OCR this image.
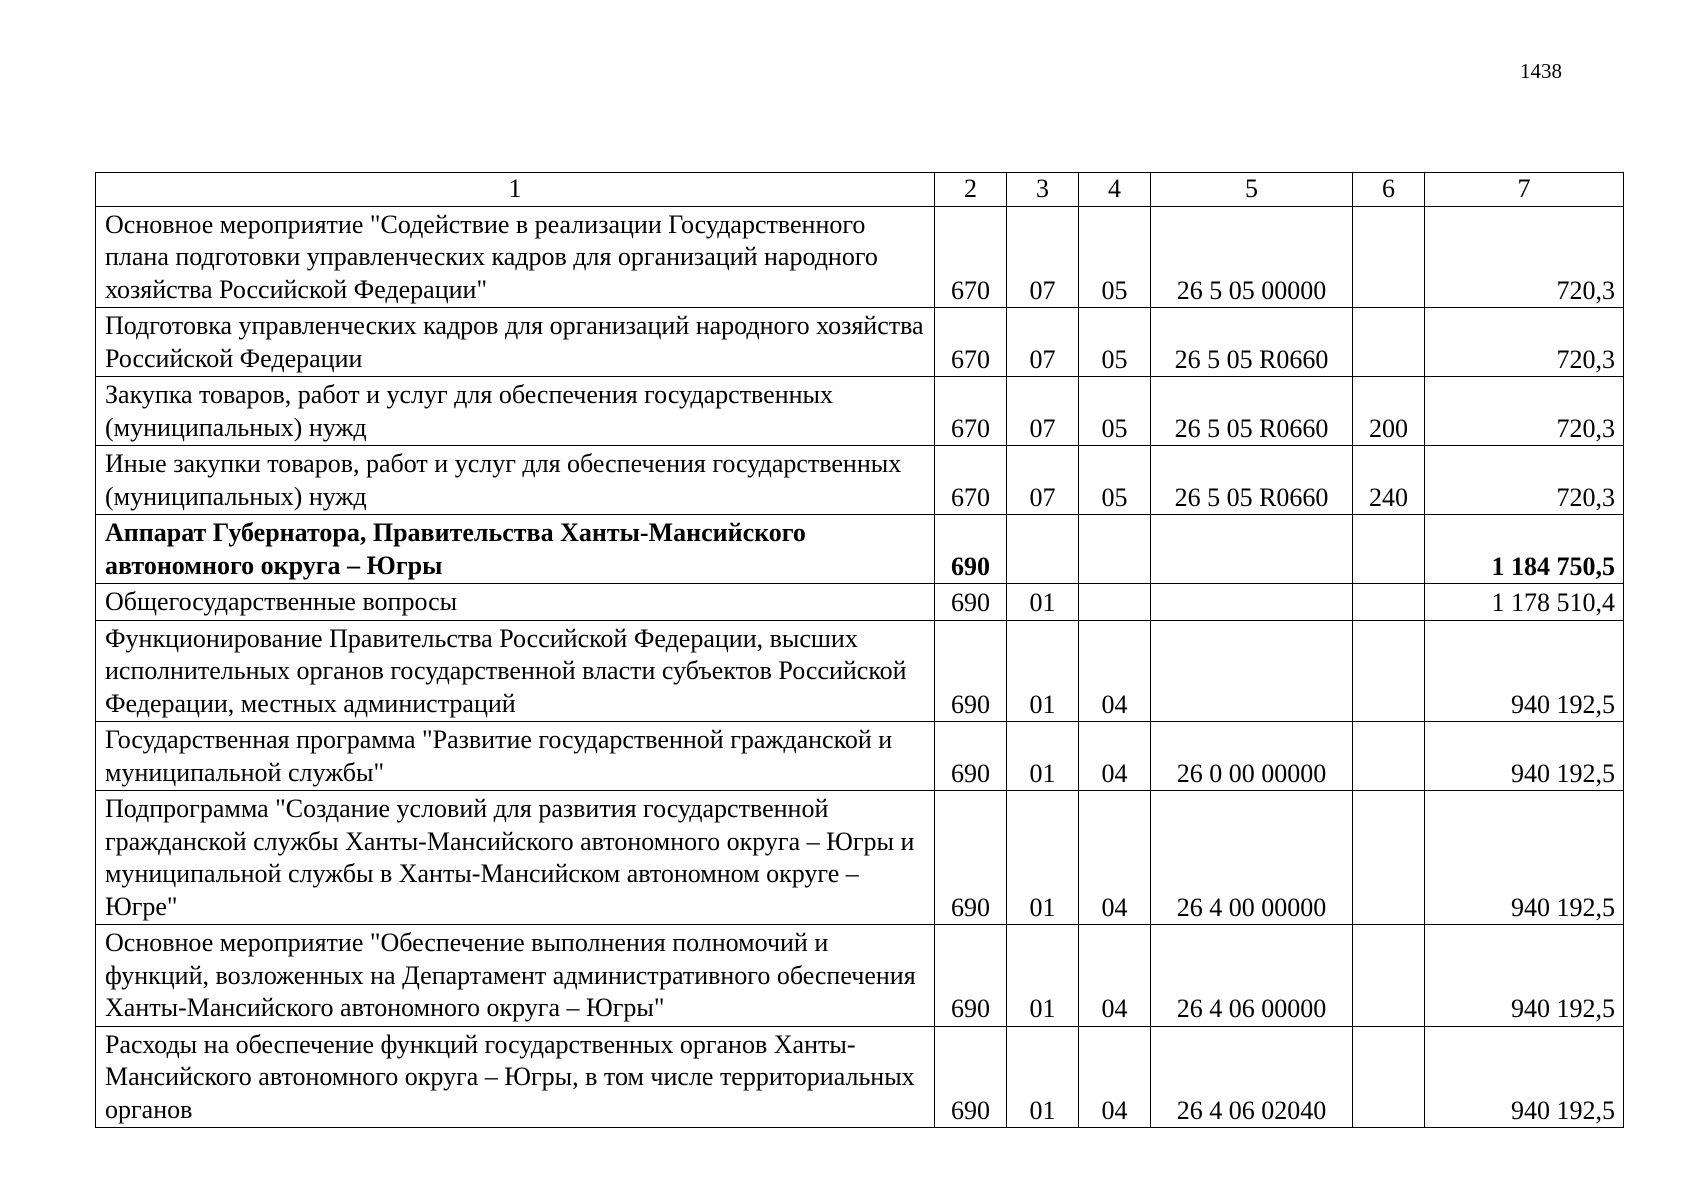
1438
1	2	3	4	5	6	7
Основное мероприятие "Содействие в реализации Государственного плана подготовки управленческих кадров для организаций народного хозяйства Российской Федерации"	670	07	05	26 5 05 00000		720,3
Подготовка управленческих кадров для организаций народного хозяйства Российской Федерации	670	07	05	26 5 05 R0660		720,3
Закупка товаров, работ и услуг для обеспечения государственных (муниципальных) нужд	670	07	05	26 5 05 R0660	200	720,3
Иные закупки товаров, работ и услуг для обеспечения государственных (муниципальных) нужд	670	07	05	26 5 05 R0660	240	720,3
Аппарат Губернатора, Правительства Ханты-Мансийского автономного округа – Югры	690					1 184 750,5
Общегосударственные вопросы	690	01				1 178 510,4
Функционирование Правительства Российской Федерации, высших исполнительных органов государственной власти субъектов Российской Федерации, местных администраций	690	01	04			940 192,5
Государственная программа "Развитие государственной гражданской и муниципальной службы"	690	01	04	26 0 00 00000		940 192,5
Подпрограмма "Создание условий для развития государственной гражданской службы Ханты-Мансийского автономного округа – Югры и муниципальной службы в Ханты-Мансийском автономном округе – Югре"	690	01	04	26 4 00 00000		940 192,5
Основное мероприятие "Обеспечение выполнения полномочий и функций, возложенных на Департамент административного обеспечения Ханты-Мансийского автономного округа – Югры"	690	01	04	26 4 06 00000		940 192,5
Расходы на обеспечение функций государственных органов Ханты-Мансийского автономного округа – Югры, в том числе территориальных органов	690	01	04	26 4 06 02040		940 192,5
